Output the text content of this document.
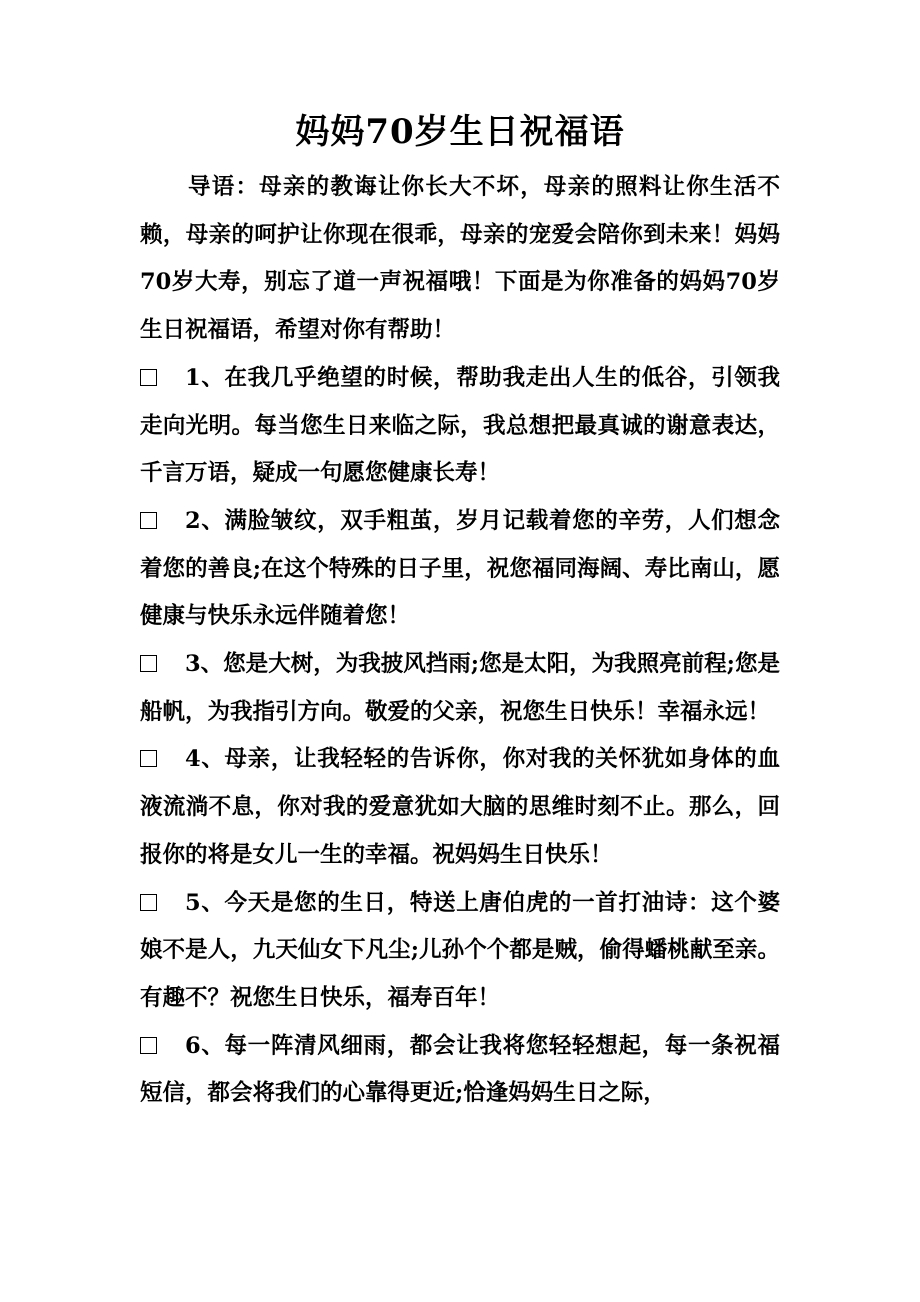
妈妈70岁生日祝福语

导语：母亲的教诲让你长大不坏，母亲的照料让你生活不赖，母亲的呵护让你现在很乖，母亲的宠爱会陪你到未来！妈妈70岁大寿，别忘了道一声祝福哦！下面是为你准备的妈妈70岁生日祝福语，希望对你有帮助！

1、在我几乎绝望的时候，帮助我走出人生的低谷，引领我走向光明。每当您生日来临之际，我总想把最真诚的谢意表达，千言万语，疑成一句愿您健康长寿！

2、满脸皱纹，双手粗茧，岁月记载着您的辛劳，人们想念着您的善良;在这个特殊的日子里，祝您福同海阔、寿比南山，愿健康与快乐永远伴随着您！

3、您是大树，为我披风挡雨;您是太阳，为我照亮前程;您是船帆，为我指引方向。敬爱的父亲，祝您生日快乐！幸福永远！

4、母亲，让我轻轻的告诉你，你对我的关怀犹如身体的血液流淌不息，你对我的爱意犹如大脑的思维时刻不止。那么，回报你的将是女儿一生的幸福。祝妈妈生日快乐！

5、今天是您的生日，特送上唐伯虎的一首打油诗：这个婆娘不是人，九天仙女下凡尘;儿孙个个都是贼，偷得蟠桃献至亲。有趣不？祝您生日快乐，福寿百年！

6、每一阵清风细雨，都会让我将您轻轻想起，每一条祝福短信，都会将我们的心靠得更近;恰逢妈妈生日之际，
